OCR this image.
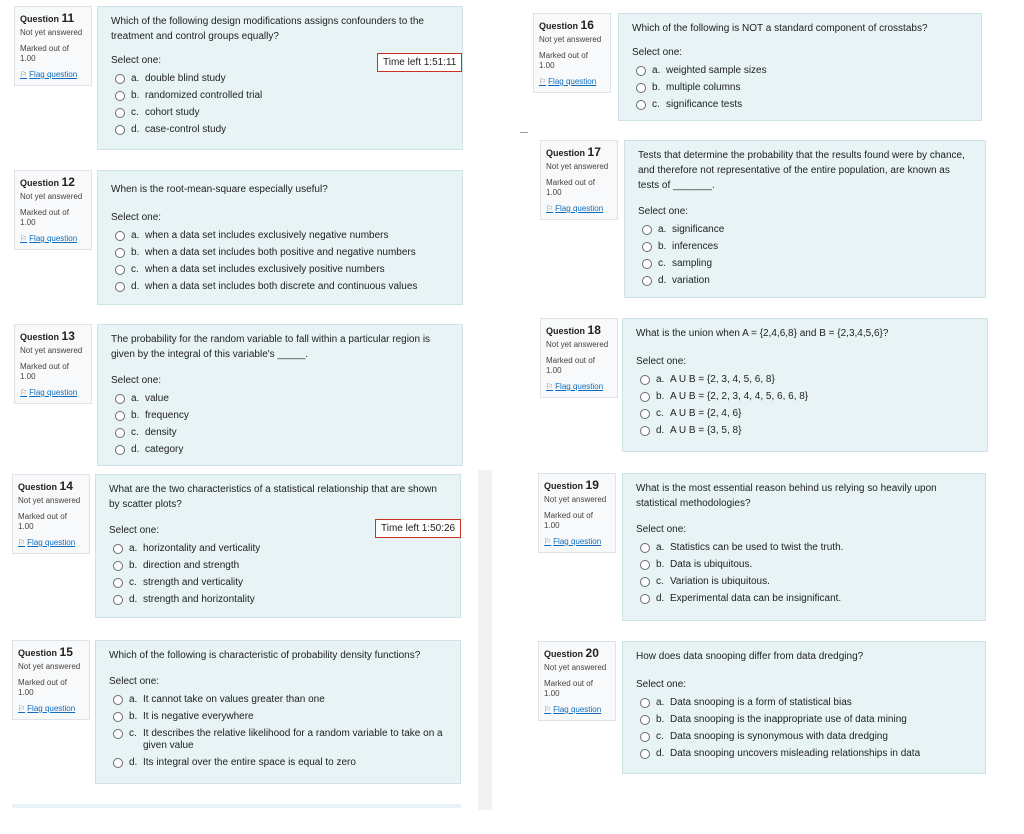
Question 11
Not yet answered
Marked out of 1.00
⚐ Flag question

Which of the following design modifications assigns confounders to the treatment and control groups equally?

Select one:
a. double blind study
b. randomized controlled trial
c. cohort study
d. case-control study
Time left 1:51:11
Question 12
Not yet answered
Marked out of 1.00
⚐ Flag question

When is the root-mean-square especially useful?

Select one:
a. when a data set includes exclusively negative numbers
b. when a data set includes both positive and negative numbers
c. when a data set includes exclusively positive numbers
d. when a data set includes both discrete and continuous values
Question 13
Not yet answered
Marked out of 1.00
⚐ Flag question

The probability for the random variable to fall within a particular region is given by the integral of this variable's _____.

Select one:
a. value
b. frequency
c. density
d. category
Question 14
Not yet answered
Marked out of 1.00
⚐ Flag question

What are the two characteristics of a statistical relationship that are shown by scatter plots?

Select one:
a. horizontality and verticality
b. direction and strength
c. strength and verticality
d. strength and horizontality
Time left 1:50:26
Question 15
Not yet answered
Marked out of 1.00
⚐ Flag question

Which of the following is characteristic of probability density functions?

Select one:
a. It cannot take on values greater than one
b. It is negative everywhere
c. It describes the relative likelihood for a random variable to take on a given value
d. Its integral over the entire space is equal to zero
Question 16
Not yet answered
Marked out of 1.00
⚐ Flag question

Which of the following is NOT a standard component of crosstabs?

Select one:
a. weighted sample sizes
b. multiple columns
c. significance tests
Question 17
Not yet answered
Marked out of 1.00
⚐ Flag question

Tests that determine the probability that the results found were by chance, and therefore not representative of the entire population, are known as tests of _______.

Select one:
a. significance
b. inferences
c. sampling
d. variation
Question 18
Not yet answered
Marked out of 1.00
⚐ Flag question

What is the union when A = {2,4,6,8} and B = {2,3,4,5,6}?

Select one:
a. A U B = {2, 3, 4, 5, 6, 8}
b. A U B = {2, 2, 3, 4, 4, 5, 6, 6, 8}
c. A U B = {2, 4, 6}
d. A U B = {3, 5, 8}
Question 19
Not yet answered
Marked out of 1.00
⚐ Flag question

What is the most essential reason behind us relying so heavily upon statistical methodologies?

Select one:
a. Statistics can be used to twist the truth.
b. Data is ubiquitous.
c. Variation is ubiquitous.
d. Experimental data can be insignificant.
Question 20
Not yet answered
Marked out of 1.00
⚐ Flag question

How does data snooping differ from data dredging?

Select one:
a. Data snooping is a form of statistical bias
b. Data snooping is the inappropriate use of data mining
c. Data snooping is synonymous with data dredging
d. Data snooping uncovers misleading relationships in data
